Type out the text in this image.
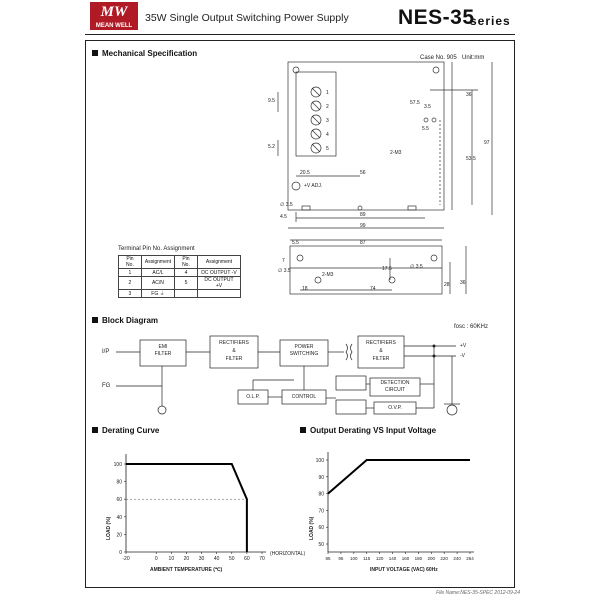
MW
MEAN WELL
35W Single Output Switching Power Supply NES-35
series
Mechanical Specification	Case No. 905 Unit:mm
1
2
3
4
5
20.5	56
89
99
4.5
9.5
5.2
36
53.5
97
57.5
5.5
3.5
2-M3
+V ADJ.
∅ 3.5
5.5	87
7
17.5
2-M3
18	74
28 36
∅ 3.5
∅ 3.5
Terminal Pin No. Assignment
Pin No.	Assignment	Pin No.	Assignment
1	AC/L	4	DC OUTPUT -V
2	AC/N	5	DC OUTPUT +V
3	FG ⏚		
Block Diagram
fosc : 60KHz
I/P
FG
EMI
FILTER
RECTIFIERS
&
FILTER
POWER
SWITCHING
RECTIFIERS
&
FILTER
DETECTION
CIRCUIT
O.L.P.	CONTROL
O.V.P.
+V
-V
Derating Curve	Output Derating VS Input Voltage
-20	0 10 20 30 40 50 60 70
0
20
40
60
80
100
85 95 100 115 120 140 160 180 200 220 240 264
50
60
70
80
90
100
LOAD (%)
AMBIENT TEMPERATURE (℃)
(HORIZONTAL)
LOAD (%)
INPUT VOLTAGE (VAC) 60Hz
File Name:NES-35-SPEC 2012-09-24
